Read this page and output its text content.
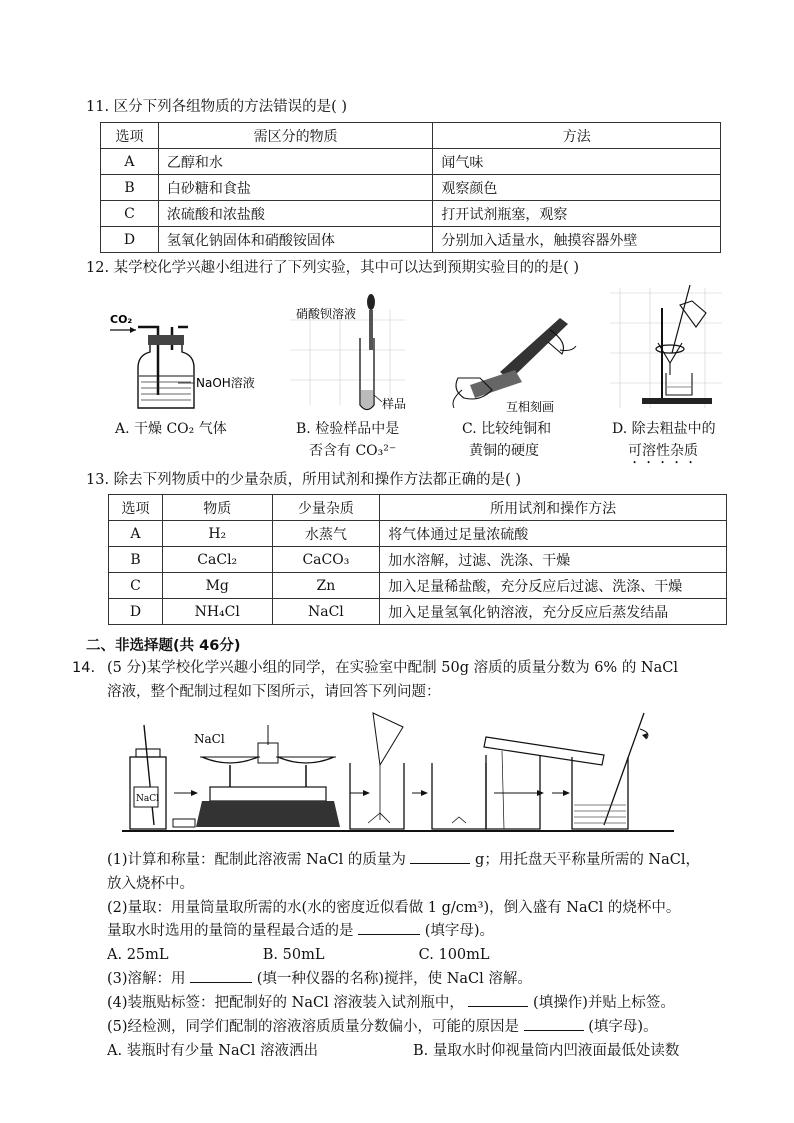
11. 区分下列各组物质的方法错误的是( )
选项	需区分的物质	方法
A	乙醇和水	闻气味
B	白砂糖和食盐	观察颜色
C	浓硫酸和浓盐酸	打开试剂瓶塞，观察
D	氢氧化钠固体和硝酸铵固体	分别加入适量水，触摸容器外壁
12. 某学校化学兴趣小组进行了下列实验，其中可以达到预期实验目的的是( )
CO₂
NaOH溶液
A. 干燥 CO₂ 气体
硝酸钡溶液
样品
B. 检验样品中是
否含有 CO₃²⁻
互相刻画
C. 比较纯铜和
黄铜的硬度
D. 除去粗盐中的
可溶性杂质
13. 除去下列物质中的少量杂质，所用试剂和操作方法都正确的是( )
选项	物质	少量杂质	所用试剂和操作方法
A	H₂	水蒸气	将气体通过足量浓硫酸
B	CaCl₂	CaCO₃	加水溶解，过滤、洗涤、干燥
C	Mg	Zn	加入足量稀盐酸，充分反应后过滤、洗涤、干燥
D	NH₄Cl	NaCl	加入足量氢氧化钠溶液，充分反应后蒸发结晶
二、非选择题(共 46分)
14. (5 分)某学校化学兴趣小组的同学，在实验室中配制 50g 溶质的质量分数为 6% 的 NaCl
溶液，整个配制过程如下图所示，请回答下列问题：
NaCl
NaCl
(1)计算和称量：配制此溶液需 NaCl 的质量为	g；用托盘天平称量所需的 NaCl，
放入烧杯中。
(2)量取：用量筒量取所需的水(水的密度近似看做 1 g/cm³)，倒入盛有 NaCl 的烧杯中。
量取水时选用的量筒的量程最合适的是	(填字母)。
A. 25mL	B. 50mL	C. 100mL
(3)溶解：用	(填一种仪器的名称)搅拌，使 NaCl 溶解。
(4)装瓶贴标签：把配制好的 NaCl 溶液装入试剂瓶中，	(填操作)并贴上标签。
(5)经检测，同学们配制的溶液溶质质量分数偏小，可能的原因是	(填字母)。
A. 装瓶时有少量 NaCl 溶液洒出	B. 量取水时仰视量筒内凹液面最低处读数
